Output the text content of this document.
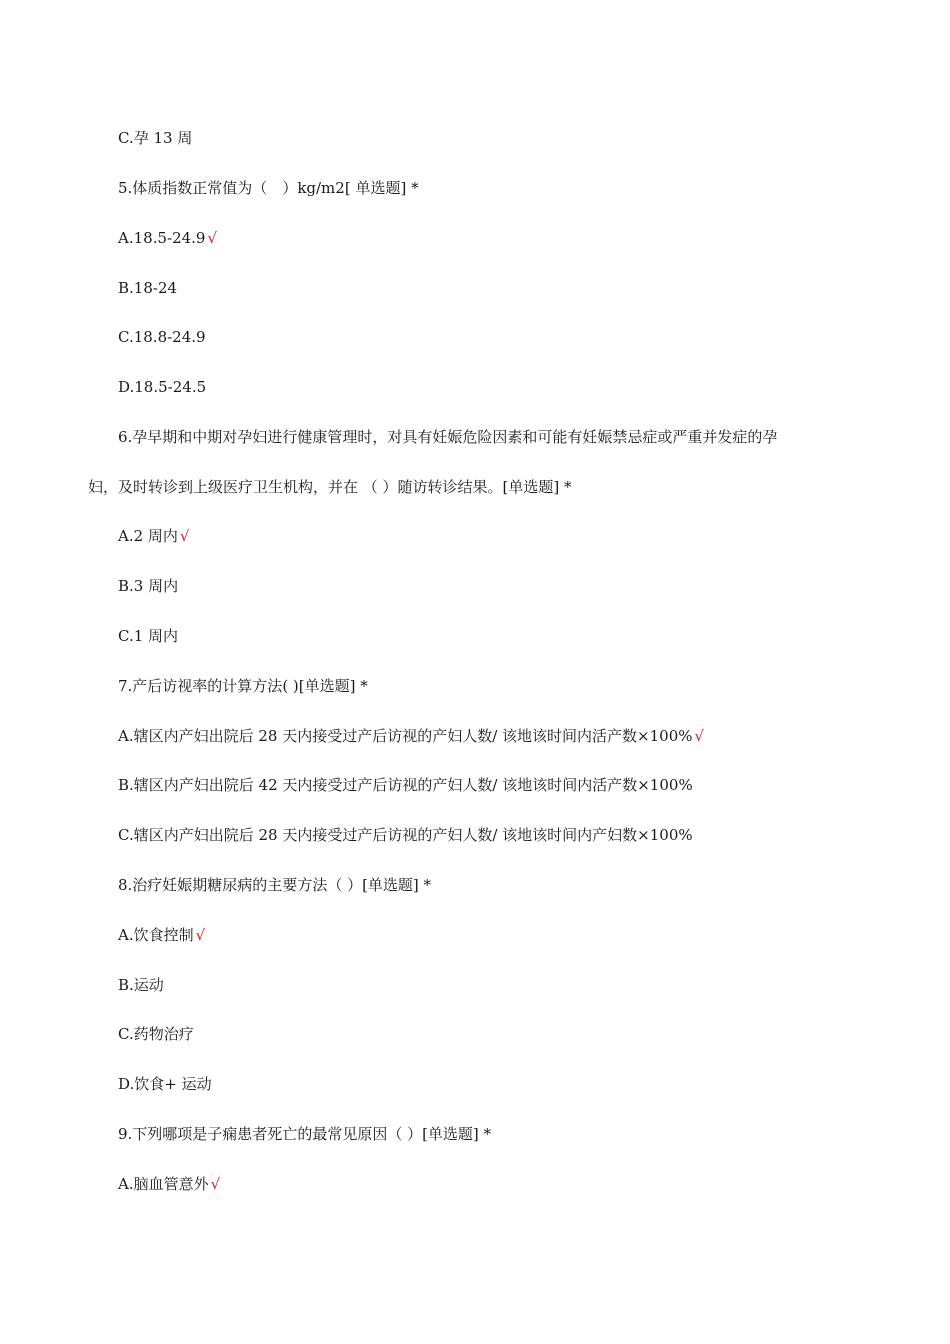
C.孕 13 周
5.体质指数正常值为（　）kg/m2[ 单选题] *
A.18.5-24.9 √
B.18-24
C.18.8-24.9
D.18.5-24.5
6.孕早期和中期对孕妇进行健康管理时，对具有妊娠危险因素和可能有妊娠禁忌症或严重并发症的孕
妇，及时转诊到上级医疗卫生机构，并在 （ ）随访转诊结果。[单选题] *
A.2 周内 √
B.3 周内
C.1 周内
7.产后访视率的计算方法( )[单选题] *
A.辖区内产妇出院后 28 天内接受过产后访视的产妇人数/ 该地该时间内活产数×100% √
B.辖区内产妇出院后 42 天内接受过产后访视的产妇人数/ 该地该时间内活产数×100%
C.辖区内产妇出院后 28 天内接受过产后访视的产妇人数/ 该地该时间内产妇数×100%
8.治疗妊娠期糖尿病的主要方法（ ）[单选题] *
A.饮食控制 √
B.运动
C.药物治疗
D.饮食+ 运动
9.下列哪项是子痫患者死亡的最常见原因（ ）[单选题] *
A.脑血管意外 √
